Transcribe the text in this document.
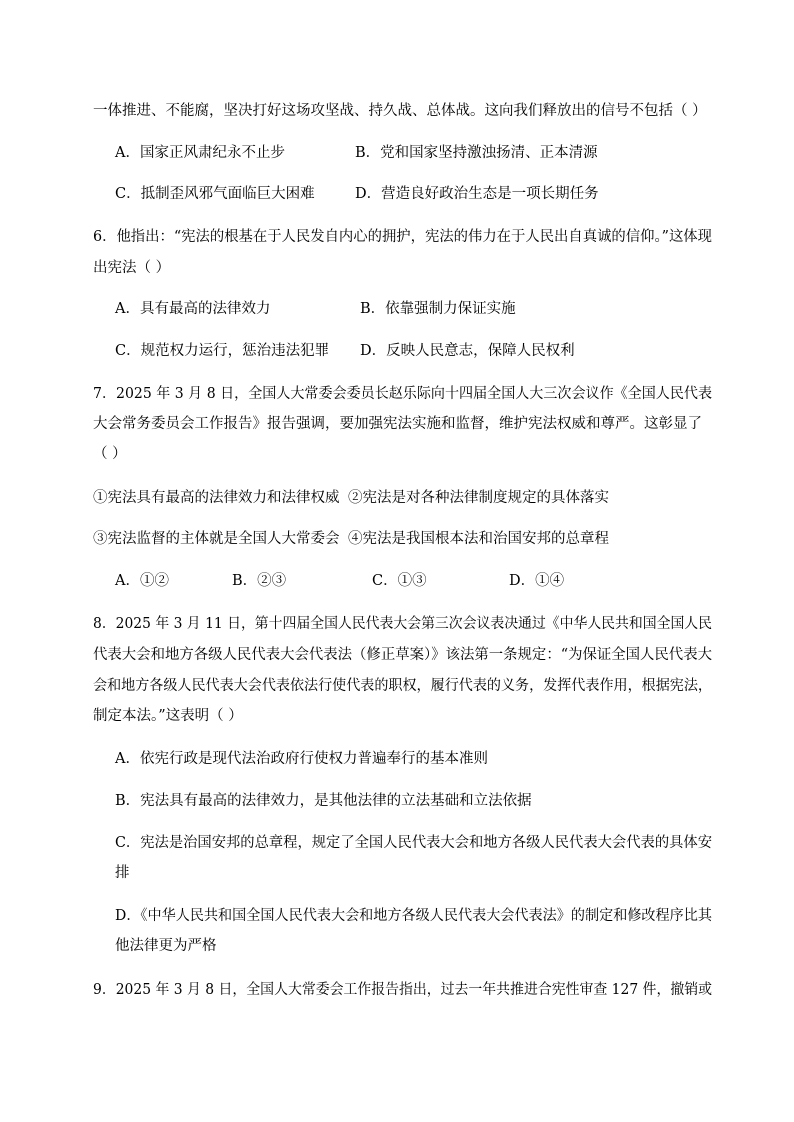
一体推进、不能腐，坚决打好这场攻坚战、持久战、总体战。这向我们释放出的信号不包括（ ）
A．国家正风肃纪永不止步	B．党和国家坚持激浊扬清、正本清源
C．抵制歪风邪气面临巨大困难	D．营造良好政治生态是一项长期任务
6．他指出：“宪法的根基在于人民发自内心的拥护，宪法的伟力在于人民出自真诚的信仰。”这体现
出宪法（ ）
A．具有最高的法律效力	B．依靠强制力保证实施
C．规范权力运行，惩治违法犯罪 D．反映人民意志，保障人民权利
7．2025 年 3 月 8 日，全国人大常委会委员长赵乐际向十四届全国人大三次会议作《全国人民代表
大会常务委员会工作报告》报告强调，要加强宪法实施和监督，维护宪法权威和尊严。这彰显了
（ ）
①宪法具有最高的法律效力和法律权威 ②宪法是对各种法律制度规定的具体落实
③宪法监督的主体就是全国人大常委会 ④宪法是我国根本法和治国安邦的总章程
A．①②	B．②③	C．①③	D．①④
8．2025 年 3 月 11 日，第十四届全国人民代表大会第三次会议表决通过《中华人民共和国全国人民
代表大会和地方各级人民代表大会代表法（修正草案）》该法第一条规定：“为保证全国人民代表大
会和地方各级人民代表大会代表依法行使代表的职权，履行代表的义务，发挥代表作用，根据宪法，
制定本法。”这表明（ ）
A．依宪行政是现代法治政府行使权力普遍奉行的基本准则
B．宪法具有最高的法律效力，是其他法律的立法基础和立法依据
C．宪法是治国安邦的总章程，规定了全国人民代表大会和地方各级人民代表大会代表的具体安
排
D．《中华人民共和国全国人民代表大会和地方各级人民代表大会代表法》的制定和修改程序比其
他法律更为严格
9．2025 年 3 月 8 日，全国人大常委会工作报告指出，过去一年共推进合宪性审查 127 件，撤销或
